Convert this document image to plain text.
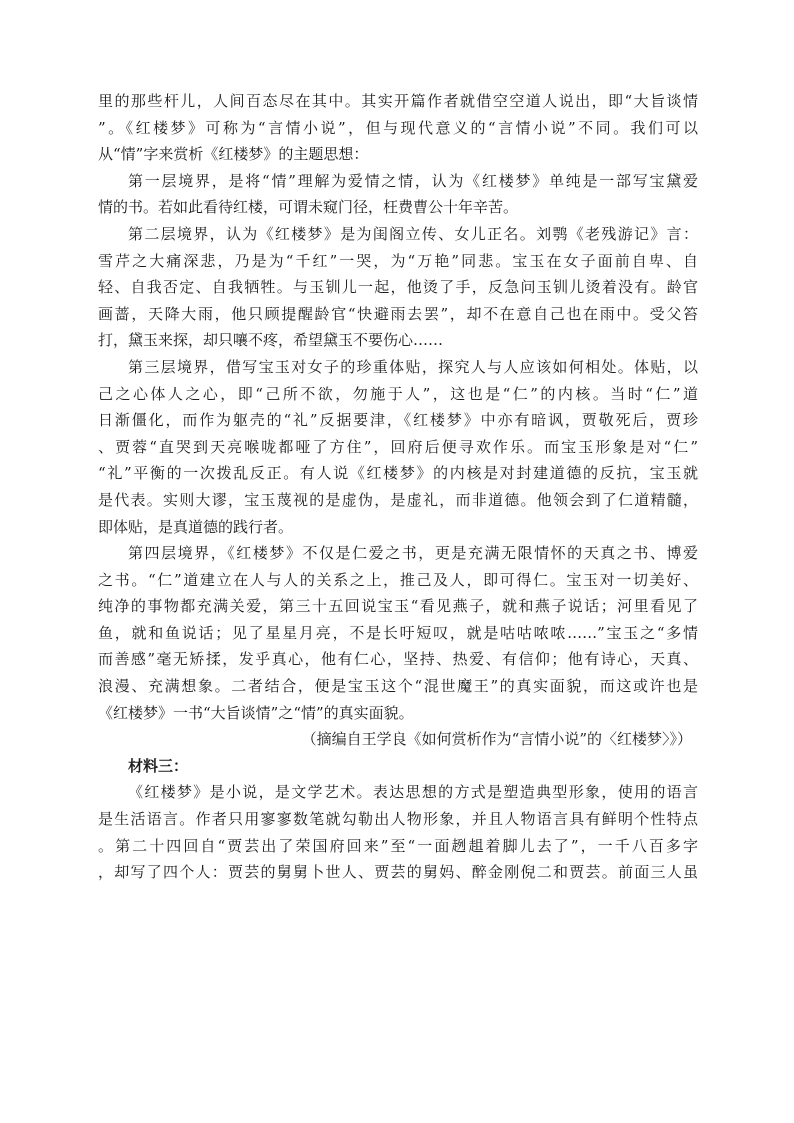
里的那些杆儿，人间百态尽在其中。其实开篇作者就借空空道人说出，即“大旨谈情
”。《红楼梦》可称为“言情小说”，但与现代意义的“言情小说”不同。我们可以
从“情”字来赏析《红楼梦》的主题思想：
第一层境界，是将“情”理解为爱情之情，认为《红楼梦》单纯是一部写宝黛爱
情的书。若如此看待红楼，可谓未窥门径，枉费曹公十年辛苦。
第二层境界，认为《红楼梦》是为闺阁立传、女儿正名。刘鹗《老残游记》言：
雪芹之大痛深悲，乃是为“千红”一哭，为“万艳”同悲。宝玉在女子面前自卑、自
轻、自我否定、自我牺牲。与玉钏儿一起，他烫了手，反急问玉钏儿烫着没有。龄官
画蔷，天降大雨，他只顾提醒龄官“快避雨去罢”，却不在意自己也在雨中。受父笞
打，黛玉来探，却只嚷不疼，希望黛玉不要伤心……
第三层境界，借写宝玉对女子的珍重体贴，探究人与人应该如何相处。体贴，以
己之心体人之心，即“己所不欲，勿施于人”，这也是“仁”的内核。当时“仁”道
日渐僵化，而作为躯壳的“礼”反据要津，《红楼梦》中亦有暗讽，贾敬死后，贾珍
、贾蓉“直哭到天亮喉咙都哑了方住”，回府后便寻欢作乐。而宝玉形象是对“仁”
“礼”平衡的一次拨乱反正。有人说《红楼梦》的内核是对封建道德的反抗，宝玉就
是代表。实则大谬，宝玉蔑视的是虚伪，是虚礼，而非道德。他领会到了仁道精髓，
即体贴，是真道德的践行者。
第四层境界，《红楼梦》不仅是仁爱之书，更是充满无限情怀的天真之书、博爱
之书。“仁”道建立在人与人的关系之上，推己及人，即可得仁。宝玉对一切美好、
纯净的事物都充满关爱，第三十五回说宝玉“看见燕子，就和燕子说话；河里看见了
鱼，就和鱼说话；见了星星月亮，不是长吁短叹，就是咕咕哝哝……”宝玉之“多情
而善感”毫无矫揉，发乎真心，他有仁心，坚持、热爱、有信仰；他有诗心，天真、
浪漫、充满想象。二者结合，便是宝玉这个“混世魔王”的真实面貌，而这或许也是
《红楼梦》一书“大旨谈情”之“情”的真实面貌。
（摘编自王学良《如何赏析作为“言情小说”的〈红楼梦〉》）
材料三：
《红楼梦》是小说，是文学艺术。表达思想的方式是塑造典型形象，使用的语言
是生活语言。作者只用寥寥数笔就勾勒出人物形象，并且人物语言具有鲜明个性特点
。第二十四回自“贾芸出了荣国府回来”至“一面趔趄着脚儿去了”，一千八百多字
，却写了四个人：贾芸的舅舅卜世人、贾芸的舅妈、醉金刚倪二和贾芸。前面三人虽
